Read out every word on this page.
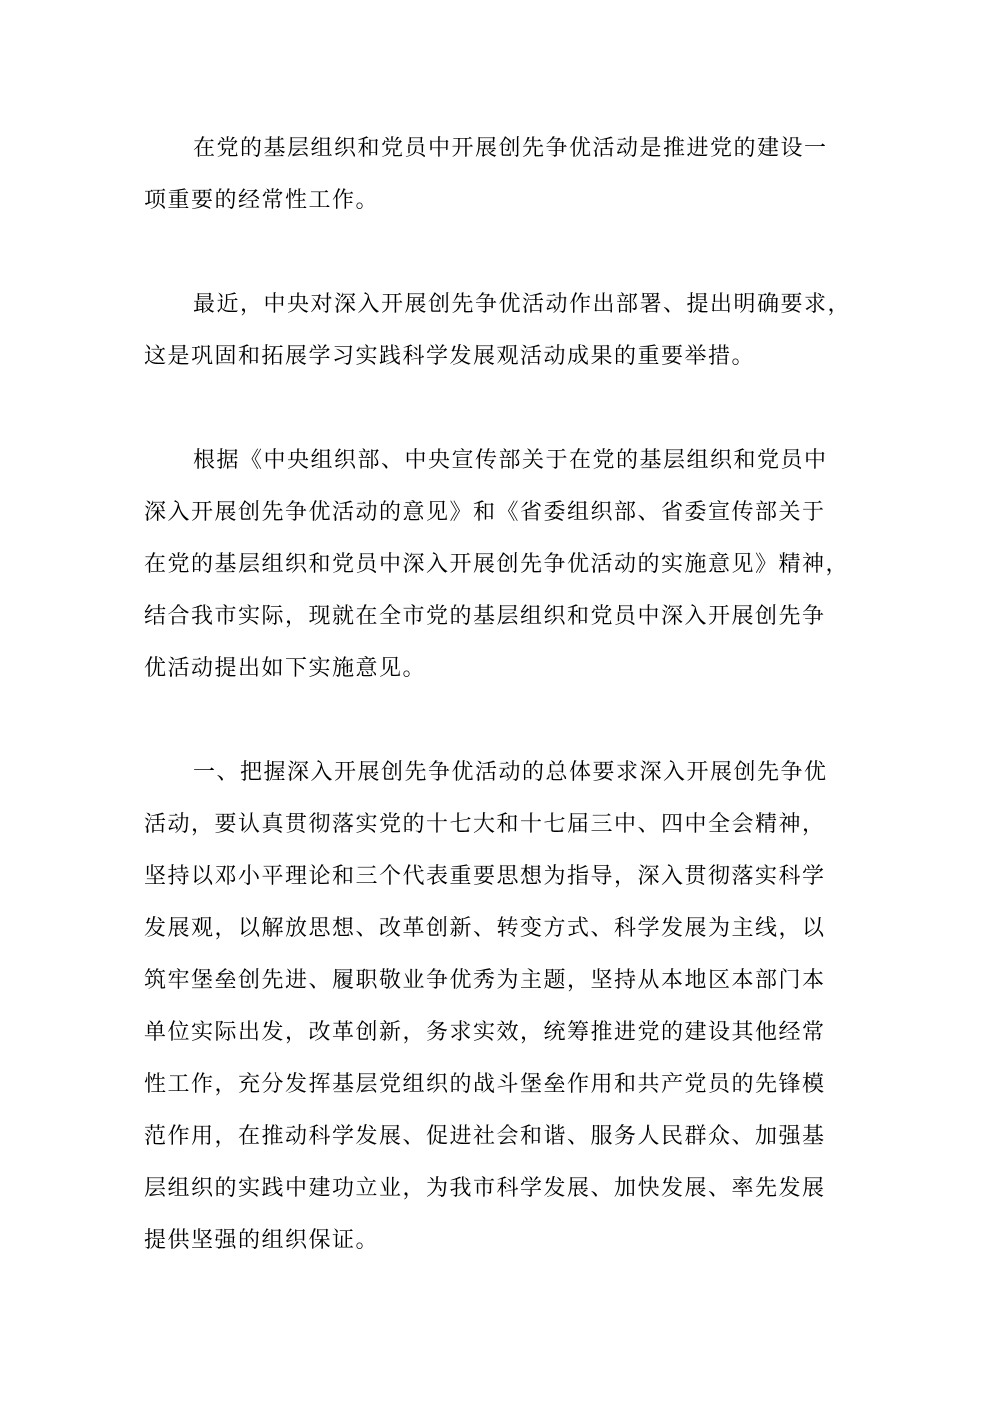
在党的基层组织和党员中开展创先争优活动是推进党的建设一
项重要的经常性工作。

最近，中央对深入开展创先争优活动作出部署、提出明确要求，
这是巩固和拓展学习实践科学发展观活动成果的重要举措。

根据《中央组织部、中央宣传部关于在党的基层组织和党员中
深入开展创先争优活动的意见》和《省委组织部、省委宣传部关于
在党的基层组织和党员中深入开展创先争优活动的实施意见》精神，
结合我市实际，现就在全市党的基层组织和党员中深入开展创先争
优活动提出如下实施意见。

一、把握深入开展创先争优活动的总体要求深入开展创先争优
活动，要认真贯彻落实党的十七大和十七届三中、四中全会精神，
坚持以邓小平理论和三个代表重要思想为指导，深入贯彻落实科学
发展观，以解放思想、改革创新、转变方式、科学发展为主线，以
筑牢堡垒创先进、履职敬业争优秀为主题，坚持从本地区本部门本
单位实际出发，改革创新，务求实效，统筹推进党的建设其他经常
性工作，充分发挥基层党组织的战斗堡垒作用和共产党员的先锋模
范作用，在推动科学发展、促进社会和谐、服务人民群众、加强基
层组织的实践中建功立业，为我市科学发展、加快发展、率先发展
提供坚强的组织保证。
